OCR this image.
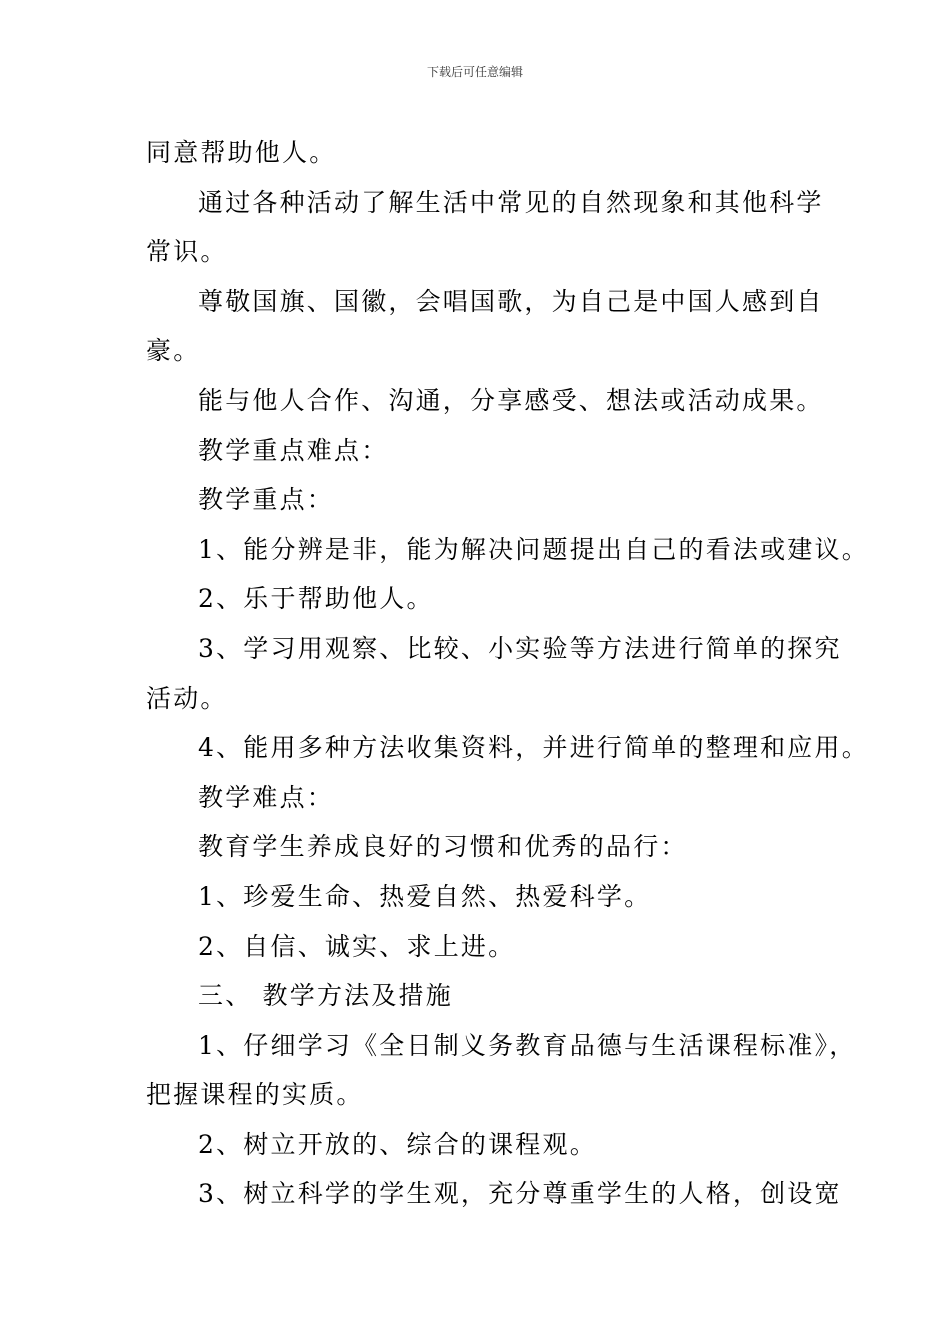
下载后可任意编辑

同意帮助他人。

通过各种活动了解生活中常见的自然现象和其他科学

常识。

尊敬国旗、国徽，会唱国歌，为自己是中国人感到自

豪。

能与他人合作、沟通，分享感受、想法或活动成果。

教学重点难点：

教学重点：

1、能分辨是非，能为解决问题提出自己的看法或建议。

2、乐于帮助他人。

3、学习用观察、比较、小实验等方法进行简单的探究

活动。

4、能用多种方法收集资料，并进行简单的整理和应用。

教学难点：

教育学生养成良好的习惯和优秀的品行：

1、珍爱生命、热爱自然、热爱科学。

2、自信、诚实、求上进。

三、 教学方法及措施

1、仔细学习《全日制义务教育品德与生活课程标准》，

把握课程的实质。

2、树立开放的、综合的课程观。

3、树立科学的学生观，充分尊重学生的人格，创设宽
